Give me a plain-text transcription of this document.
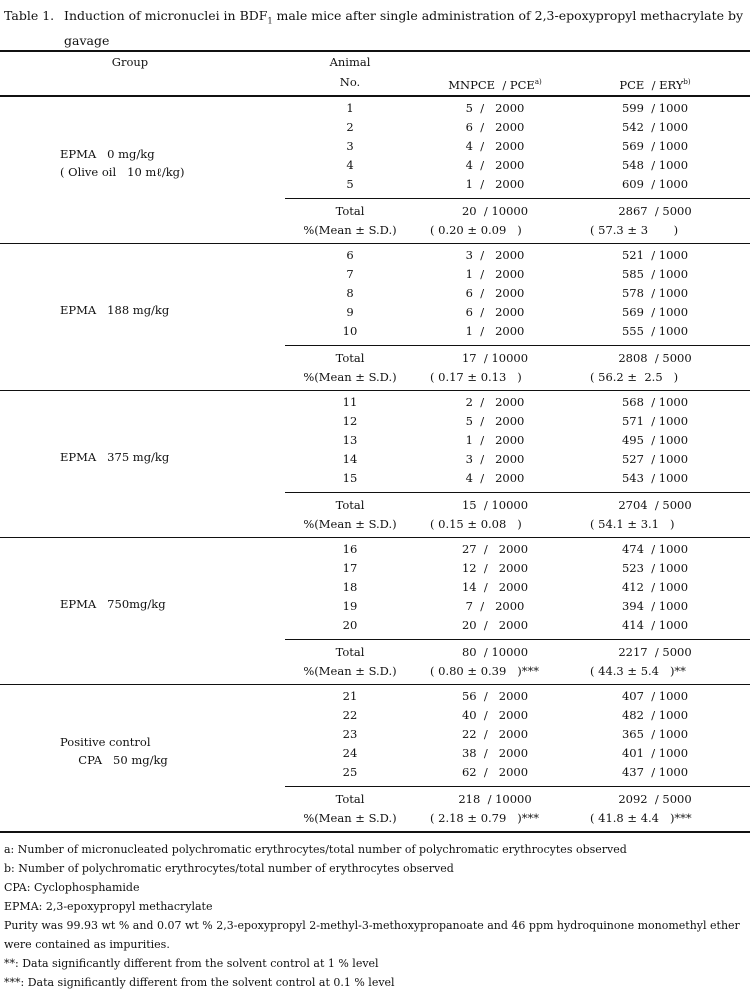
Table 1. Induction of micronuclei in $BDF_1$ male mice after single administration of 2,3-epoxypropyl methacrylate by gavage
Group	Animal
No.	MNPCE  / PCE$^{a)}$	PCE  / ERY$^{b)}$
EPMA   0 mg/kg
( Olive oil   10 mℓ/kg)
1	5  /   2000	599  / 1000
2	6  /   2000	542  / 1000
3	4  /   2000	569  / 1000
4	4  /   2000	548  / 1000
5	1  /   2000	609  / 1000
Total	20  / 10000	2867  / 5000
%(Mean ± S.D.)	( 0.20 ± 0.09   )	( 57.3 ± 3       )
EPMA   188 mg/kg
6	3  /   2000	521  / 1000
7	1  /   2000	585  / 1000
8	6  /   2000	578  / 1000
9	6  /   2000	569  / 1000
10	1  /   2000	555  / 1000
Total	17  / 10000	2808  / 5000
%(Mean ± S.D.)	( 0.17 ± 0.13   )	( 56.2 ±  2.5   )
EPMA   375 mg/kg
11	2  /   2000	568  / 1000
12	5  /   2000	571  / 1000
13	1  /   2000	495  / 1000
14	3  /   2000	527  / 1000
15	4  /   2000	543  / 1000
Total	15  / 10000	2704  / 5000
%(Mean ± S.D.)	( 0.15 ± 0.08   )	( 54.1 ± 3.1   )
EPMA   750mg/kg
16	27  /   2000	474  / 1000
17	12  /   2000	523  / 1000
18	14  /   2000	412  / 1000
19	7  /   2000	394  / 1000
20	20  /   2000	414  / 1000
Total	80  / 10000	2217  / 5000
%(Mean ± S.D.)	( 0.80 ± 0.39   )***	( 44.3 ± 5.4   )**
Positive control
CPA   50 mg/kg
21	56  /   2000	407  / 1000
22	40  /   2000	482  / 1000
23	22  /   2000	365  / 1000
24	38  /   2000	401  / 1000
25	62  /   2000	437  / 1000
Total	218  / 10000	2092  / 5000
%(Mean ± S.D.)	( 2.18 ± 0.79   )***	( 41.8 ± 4.4   )***
a: Number of micronucleated polychromatic erythrocytes/total number of polychromatic erythrocytes observed
b: Number of polychromatic erythrocytes/total number of erythrocytes observed
CPA: Cyclophosphamide
EPMA: 2,3-epoxypropyl methacrylate
Purity was 99.93 wt % and 0.07 wt % 2,3-epoxypropyl 2-methyl-3-methoxypropanoate and 46 ppm hydroquinone monomethyl ether were contained as impurities.
**: Data significantly different from the solvent control at 1 % level
***: Data significantly different from the solvent control at 0.1 % level
